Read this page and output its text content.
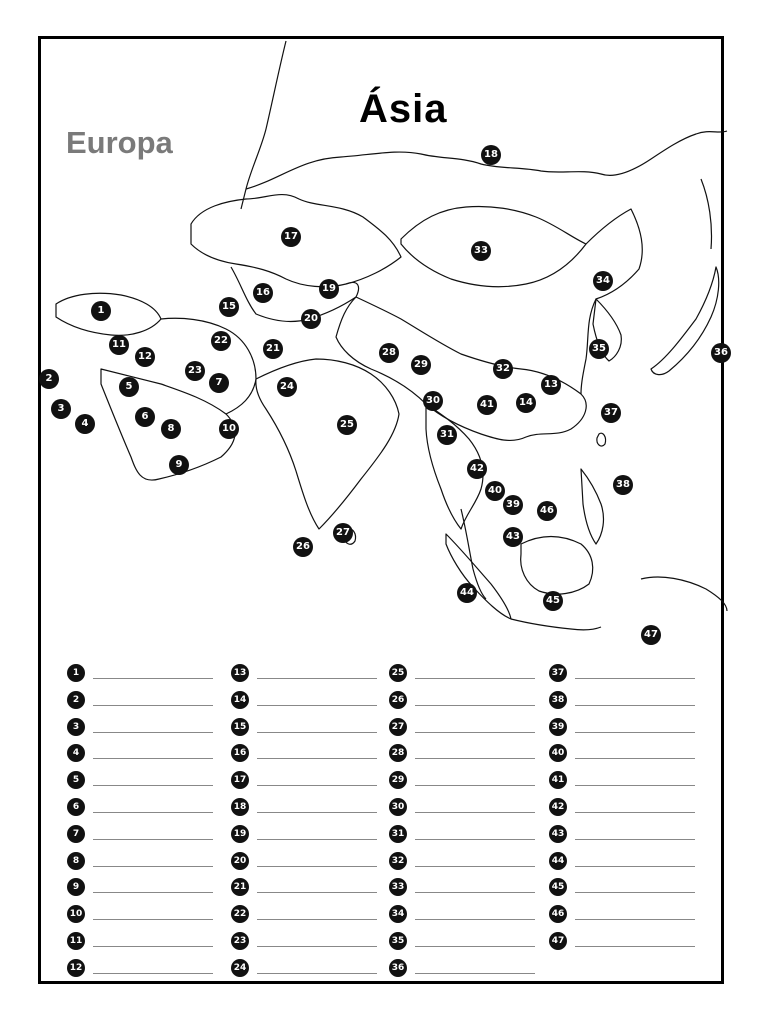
Ásia
Europa
1
2
3
4
5
6
7
8
9
10
11
12
13
14
15
16
17
18
19
20
21
22
23
24
25
26
27
28
29
30
31
32
33
34
35	36
37
38
39
40
41
42
43
44
45
46
47
1
2
3
4
5
6
7
8
9
10
11
12
13
14
15
16
17
18
19
20
21
22
23
24
25
26
27
28
29
30
31
32
33
34
35
36
37
38
39
40
41
42
43
44
45
46
47
